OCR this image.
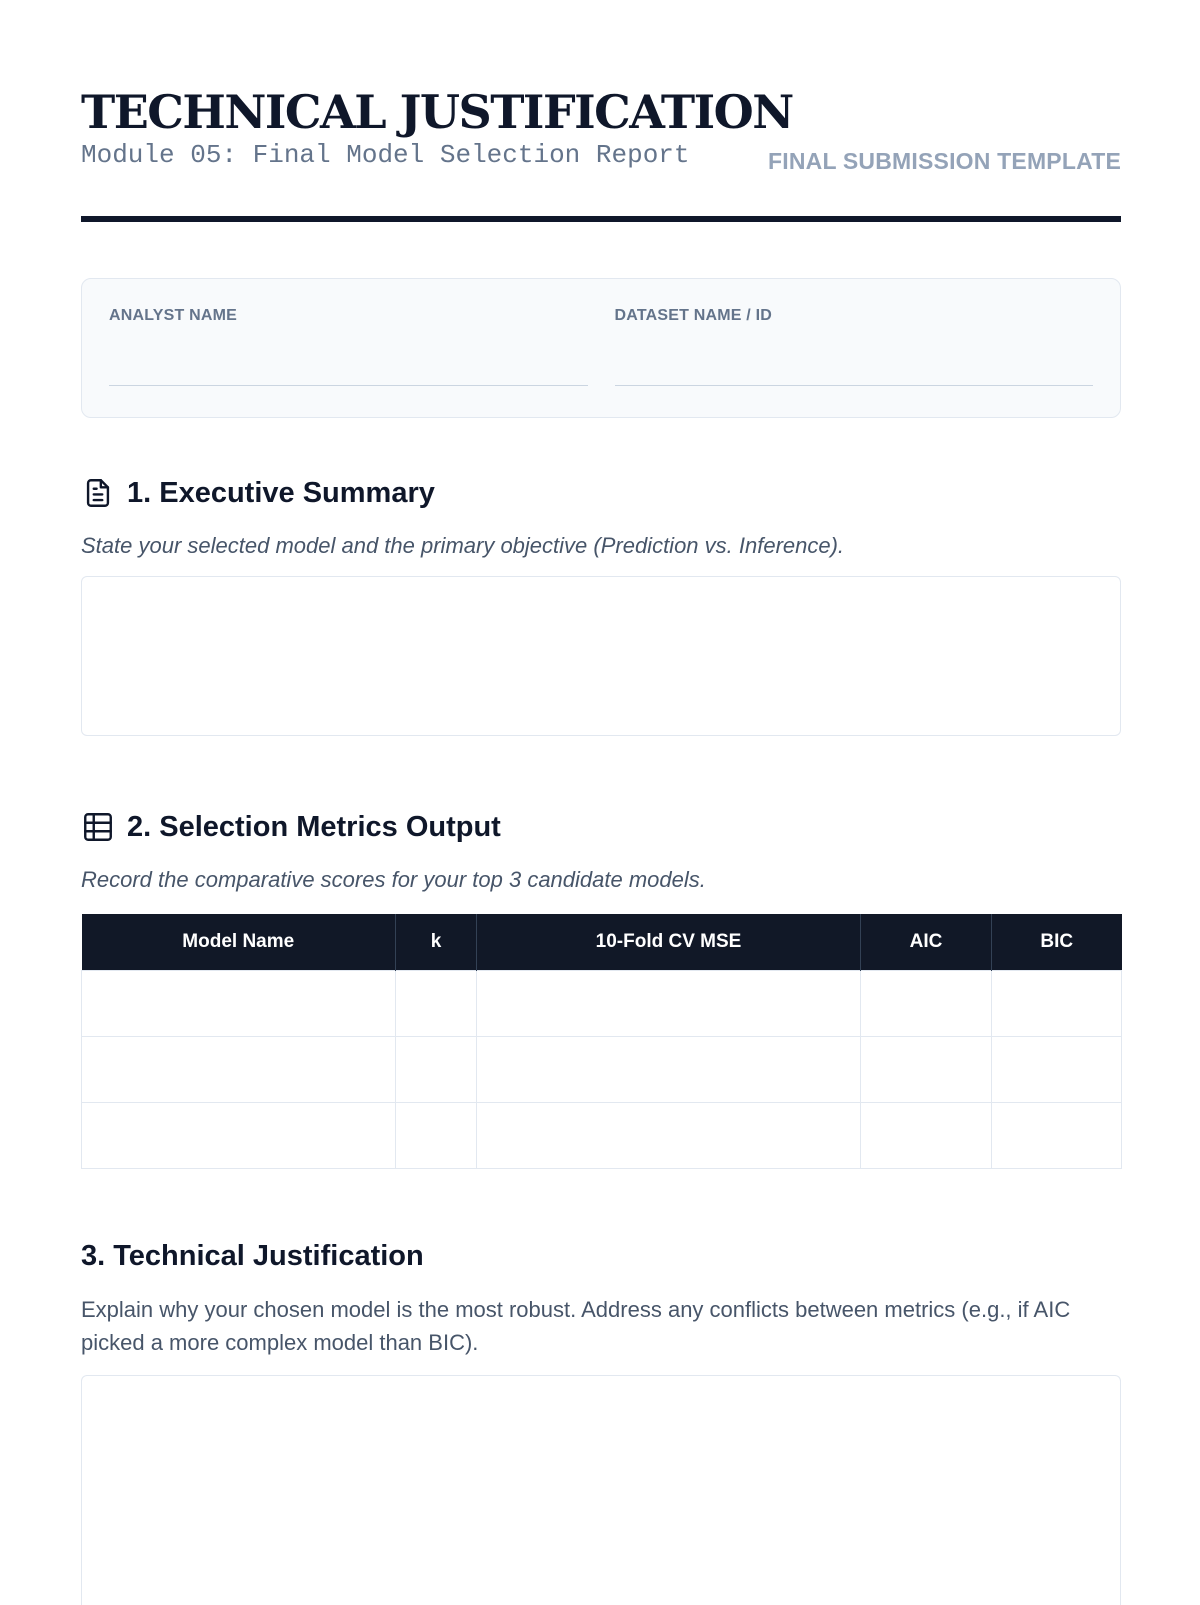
TECHNICAL JUSTIFICATION
Module 05: Final Model Selection Report	FINAL SUBMISSION TEMPLATE
ANALYST NAME	DATASET NAME / ID
1. Executive Summary
State your selected model and the primary objective (Prediction vs. Inference).
2. Selection Metrics Output
Record the comparative scores for your top 3 candidate models.
Model Name	k	10-Fold CV MSE	AIC	BIC

3. Technical Justification
Explain why your chosen model is the most robust. Address any conflicts between metrics (e.g., if AIC picked a more complex model than BIC).
